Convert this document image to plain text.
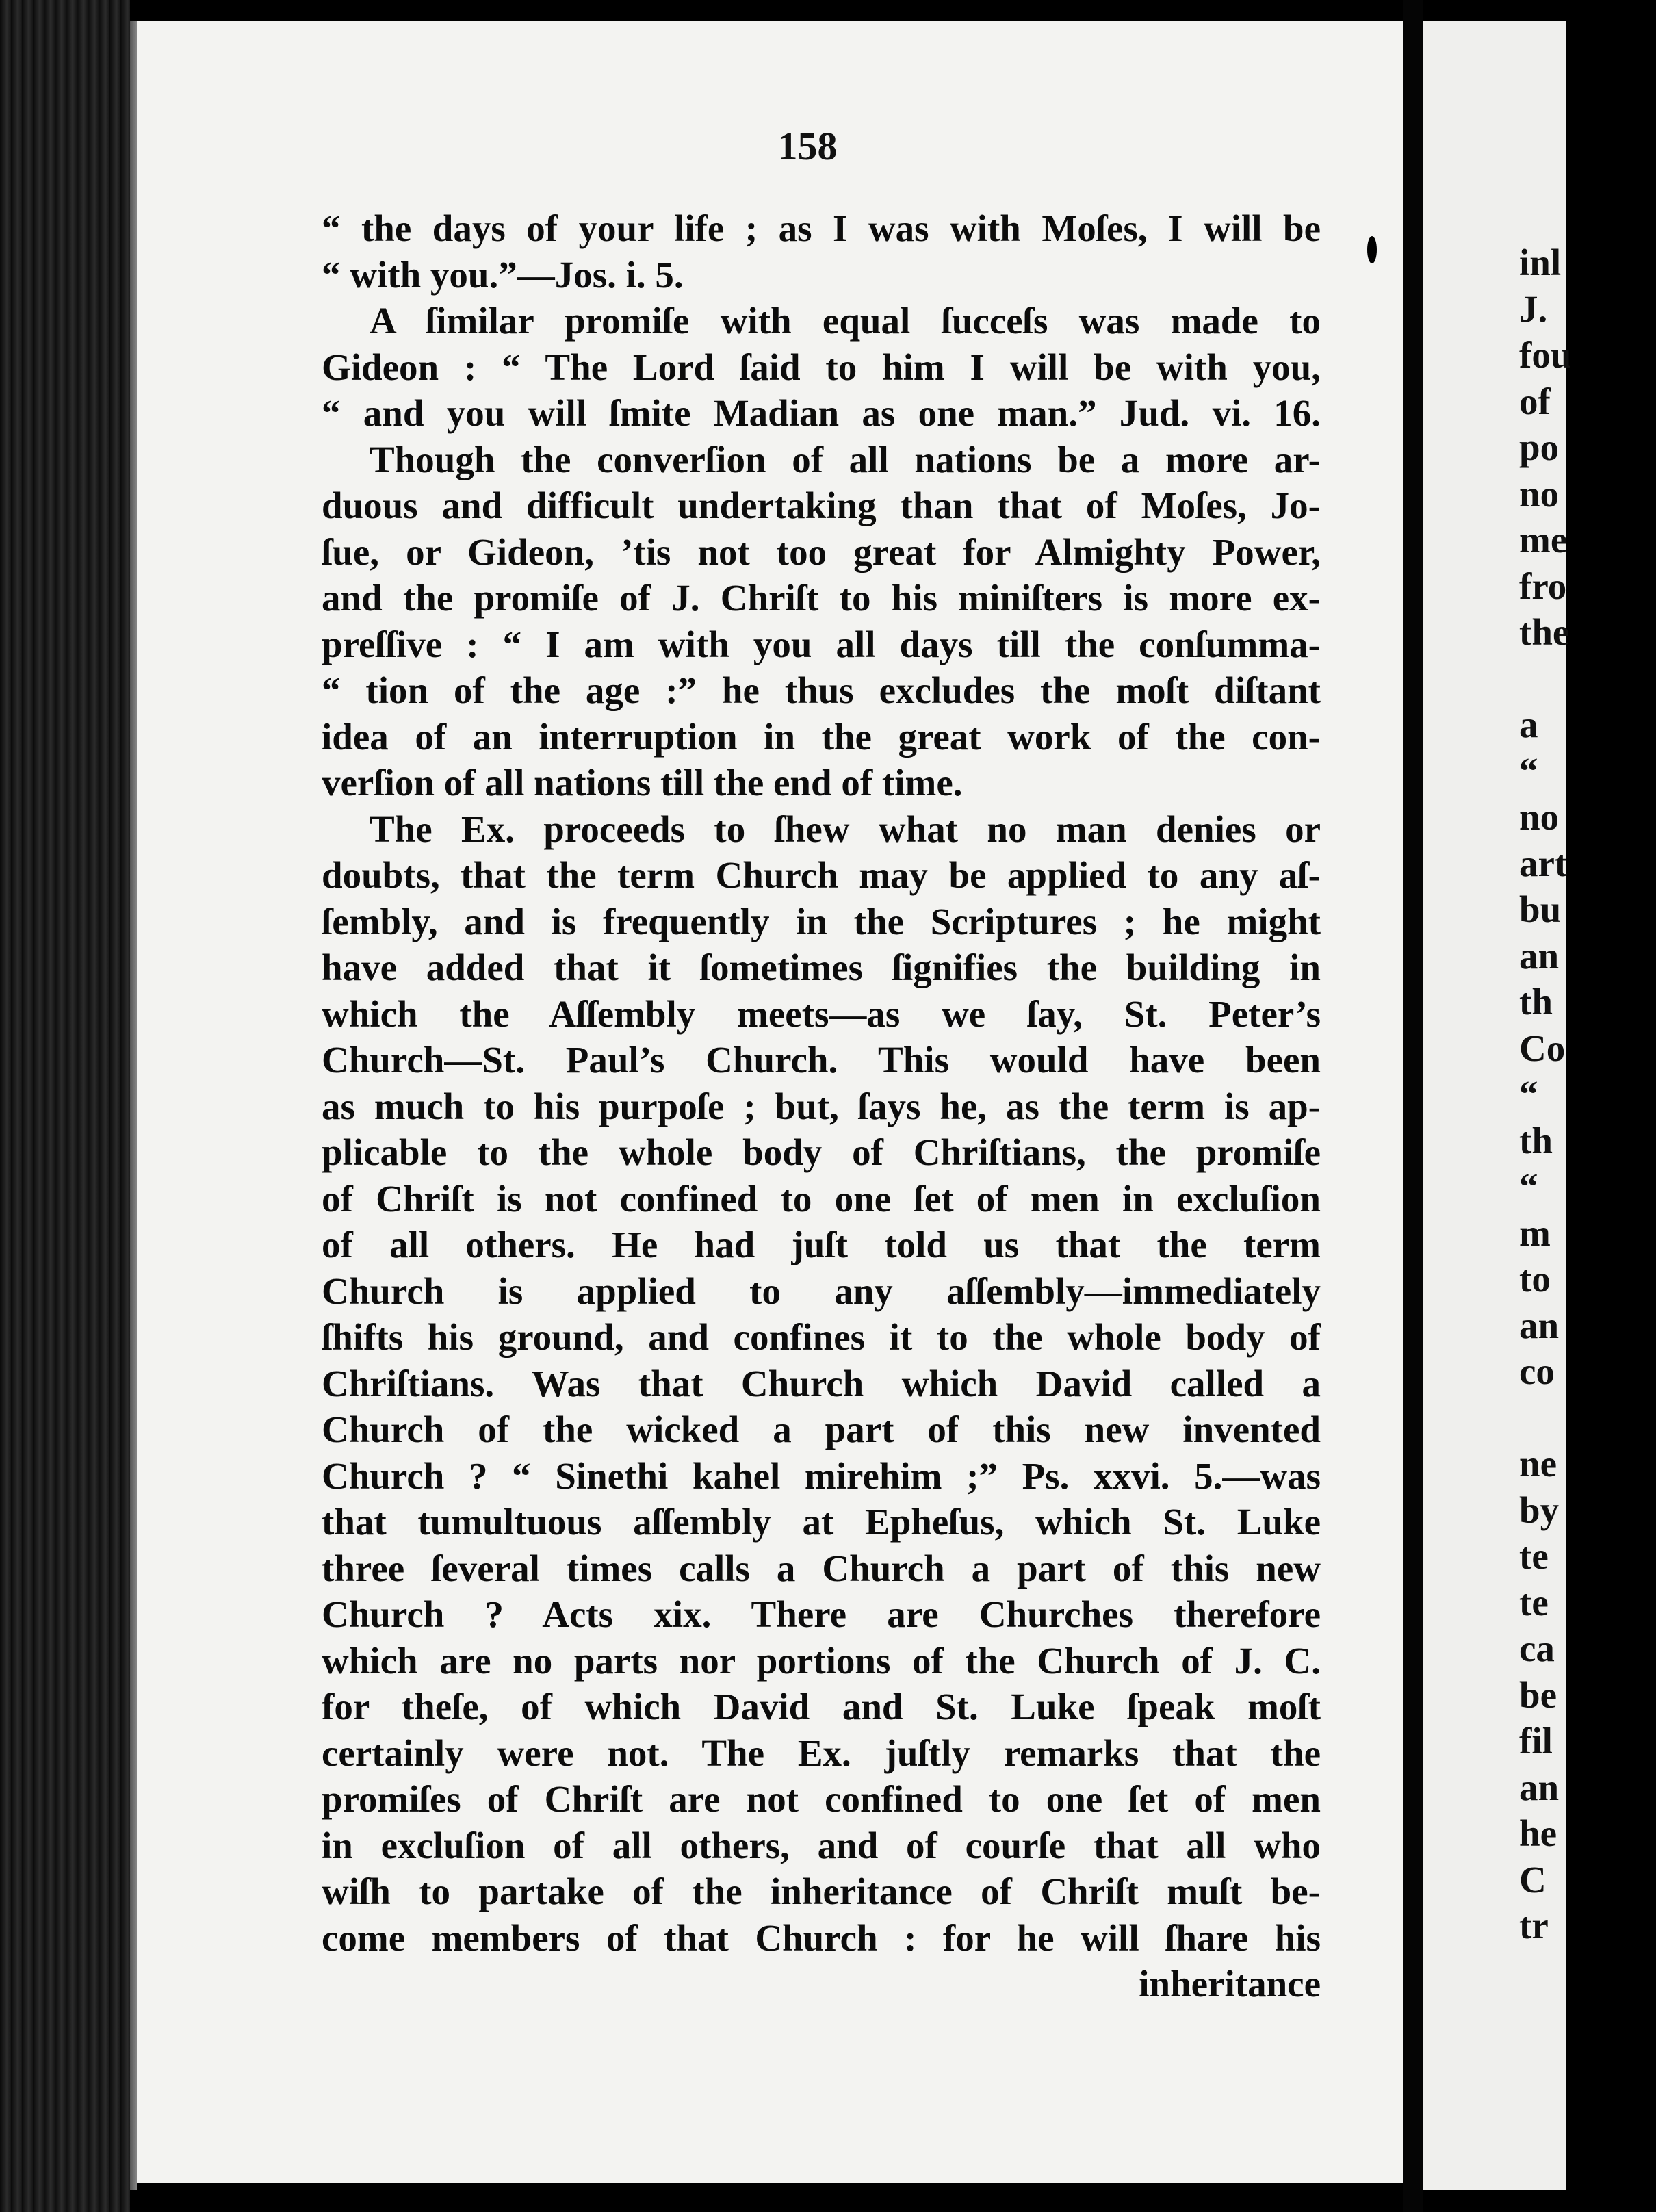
158
“ the days of your life ; as I was with Moſes, I will be
“ with you.”—Jos. i. 5.
A ſimilar promiſe with equal ſucceſs was made to
Gideon : “ The Lord ſaid to him I will be with you,
“ and you will ſmite Madian as one man.” Jud. vi. 16.
Though the converſion of all nations be a more ar-
duous and difficult undertaking than that of Moſes, Jo-
ſue, or Gideon, ’tis not too great for Almighty Power,
and the promiſe of J. Chriſt to his miniſters is more ex-
preſſive : “ I am with you all days till the conſumma-
“ tion of the age :” he thus excludes the moſt diſtant
idea of an interruption in the great work of the con-
verſion of all nations till the end of time.
The Ex. proceeds to ſhew what no man denies or
doubts, that the term Church may be applied to any aſ-
ſembly, and is frequently in the Scriptures ; he might
have added that it ſometimes ſignifies the building in
which the Aſſembly meets—as we ſay, St. Peter’s
Church—St. Paul’s Church. This would have been
as much to his purpoſe ; but, ſays he, as the term is ap-
plicable to the whole body of Chriſtians, the promiſe
of Chriſt is not confined to one ſet of men in excluſion
of all others. He had juſt told us that the term
Church is applied to any aſſembly—immediately
ſhifts his ground, and confines it to the whole body of
Chriſtians. Was that Church which David called a
Church of the wicked a part of this new invented
Church ? “ Sinethi kahel mirehim ;” Ps. xxvi. 5.—was
that tumultuous aſſembly at Epheſus, which St. Luke
three ſeveral times calls a Church a part of this new
Church ? Acts xix. There are Churches therefore
which are no parts nor portions of the Church of J. C.
for theſe, of which David and St. Luke ſpeak moſt
certainly were not. The Ex. juſtly remarks that the
promiſes of Chriſt are not confined to one ſet of men
in excluſion of all others, and of courſe that all who
wiſh to partake of the inheritance of Chriſt muſt be-
come members of that Church : for he will ſhare his
inheritance
inl
J.
fou
of
po
no
me
fro
the
a
“
no
art
bu
an
th
Co
“
th
“
m
to
an
co
ne
by
te
te
ca
be
fil
an
he
C
tr
